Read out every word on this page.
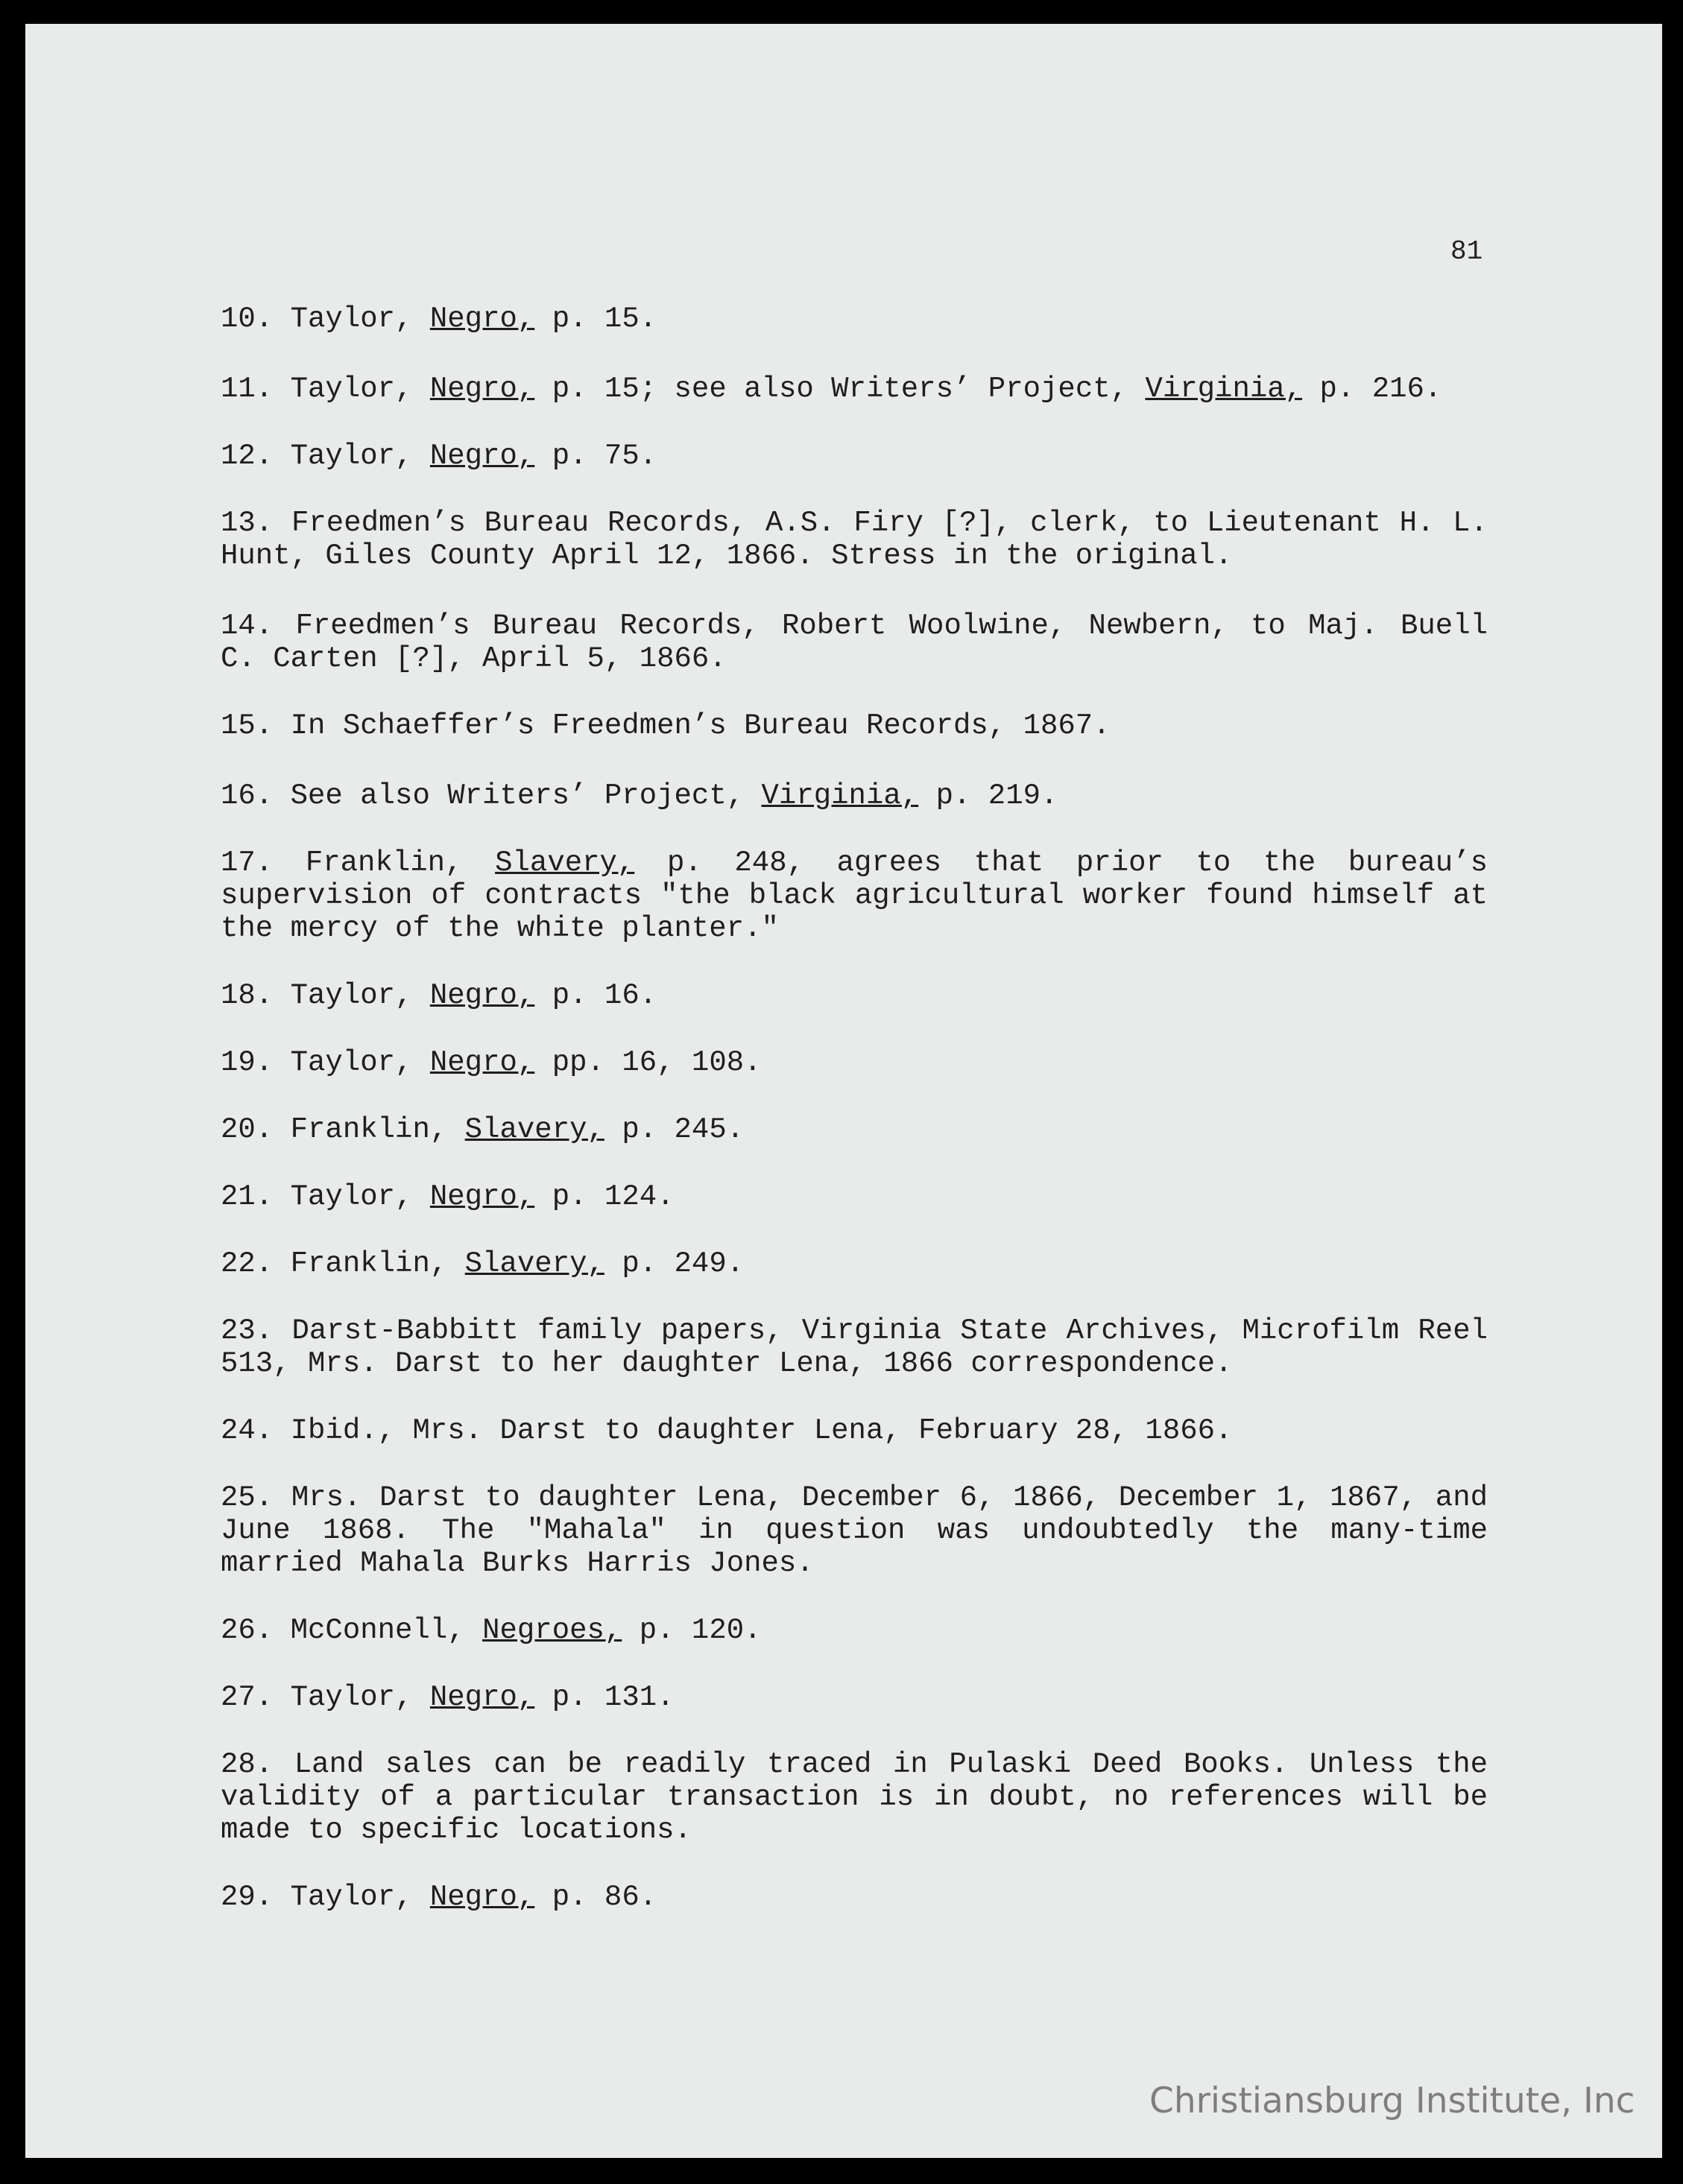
81

10. Taylor, Negro, p. 15.
11. Taylor, Negro, p. 15; see also Writers’ Project, Virginia, p. 216.
12. Taylor, Negro, p. 75.
13. Freedmen’s Bureau Records, A.S. Firy [?], clerk, to Lieutenant H. L. Hunt, Giles County April 12, 1866. Stress in the original.
14. Freedmen’s Bureau Records, Robert Woolwine, Newbern, to Maj. Buell C. Carten [?], April 5, 1866.
15. In Schaeffer’s Freedmen’s Bureau Records, 1867.
16. See also Writers’ Project, Virginia, p. 219.
17. Franklin, Slavery, p. 248, agrees that prior to the bureau’s supervision of contracts "the black agricultural worker found himself at the mercy of the white planter."
18. Taylor, Negro, p. 16.
19. Taylor, Negro, pp. 16, 108.
20. Franklin, Slavery, p. 245.
21. Taylor, Negro, p. 124.
22. Franklin, Slavery, p. 249.
23. Darst-Babbitt family papers, Virginia State Archives, Microfilm Reel 513, Mrs. Darst to her daughter Lena, 1866 correspondence.
24. Ibid., Mrs. Darst to daughter Lena, February 28, 1866.
25. Mrs. Darst to daughter Lena, December 6, 1866, December 1, 1867, and June 1868. The "Mahala" in question was undoubtedly the many-time married Mahala Burks Harris Jones.
26. McConnell, Negroes, p. 120.
27. Taylor, Negro, p. 131.
28. Land sales can be readily traced in Pulaski Deed Books. Unless the validity of a particular transaction is in doubt, no references will be made to specific locations.
29. Taylor, Negro, p. 86.

Christiansburg Institute, Inc
